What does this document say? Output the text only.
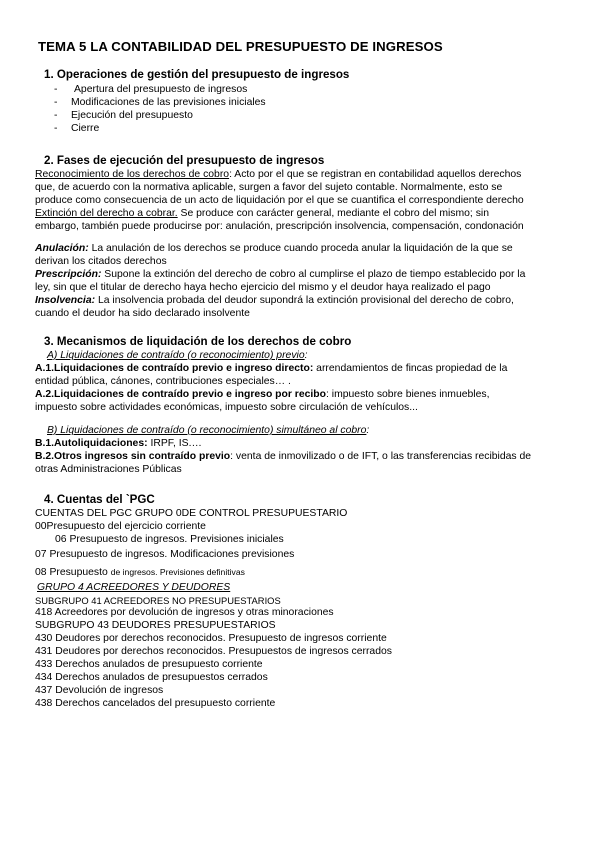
TEMA 5 LA CONTABILIDAD DEL PRESUPUESTO DE INGRESOS
1. Operaciones de gestión del presupuesto de ingresos
- Apertura del presupuesto de ingresos
- Modificaciones de las previsiones iniciales
- Ejecución del presupuesto
- Cierre
2. Fases de ejecución del presupuesto de ingresos
Reconocimiento de los derechos de cobro: Acto por el que se registran en contabilidad aquellos derechos
que, de acuerdo con la normativa aplicable, surgen a favor del sujeto contable. Normalmente, esto se
produce como consecuencia de un acto de liquidación por el que se cuantifica el correspondiente derecho
Extinción del derecho a cobrar. Se produce con carácter general, mediante el cobro del mismo; sin
embargo, también puede producirse por: anulación, prescripción insolvencia, compensación, condonación
Anulación: La anulación de los derechos se produce cuando proceda anular la liquidación de la que se
derivan los citados derechos
Prescripción: Supone la extinción del derecho de cobro al cumplirse el plazo de tiempo establecido por la
ley, sin que el titular de derecho haya hecho ejercicio del mismo y el deudor haya realizado el pago
Insolvencia: La insolvencia probada del deudor supondrá la extinción provisional del derecho de cobro,
cuando el deudor ha sido declarado insolvente
3. Mecanismos de liquidación de los derechos de cobro
A) Liquidaciones de contraído (o reconocimiento) previo:
A.1.Liquidaciones de contraído previo e ingreso directo: arrendamientos de fincas propiedad de la
entidad pública, cánones, contribuciones especiales… .
A.2.Liquidaciones de contraído previo e ingreso por recibo: impuesto sobre bienes inmuebles,
impuesto sobre actividades económicas, impuesto sobre circulación de vehículos...
B) Liquidaciones de contraído (o reconocimiento) simultáneo al cobro:
B.1.Autoliquidaciones: IRPF, IS.…
B.2.Otros ingresos sin contraído previo: venta de inmovilizado o de IFT, o las transferencias recibidas de
otras Administraciones Públicas
4. Cuentas del `PGC
CUENTAS DEL PGC GRUPO 0DE CONTROL PRESUPUESTARIO
00Presupuesto del ejercicio corriente
06 Presupuesto de ingresos. Previsiones iniciales
07 Presupuesto de ingresos. Modificaciones previsiones
08 Presupuesto de ingresos. Previsiones definitivas
GRUPO 4 ACREEDORES Y DEUDORES
SUBGRUPO 41 ACREEDORES NO PRESUPUESTARIOS
418 Acreedores por devolución de ingresos y otras minoraciones
SUBGRUPO 43 DEUDORES PRESUPUESTARIOS
430 Deudores por derechos reconocidos. Presupuesto de ingresos corriente
431 Deudores por derechos reconocidos. Presupuestos de ingresos cerrados
433 Derechos anulados de presupuesto corriente
434 Derechos anulados de presupuestos cerrados
437 Devolución de ingresos
438 Derechos cancelados del presupuesto corriente
